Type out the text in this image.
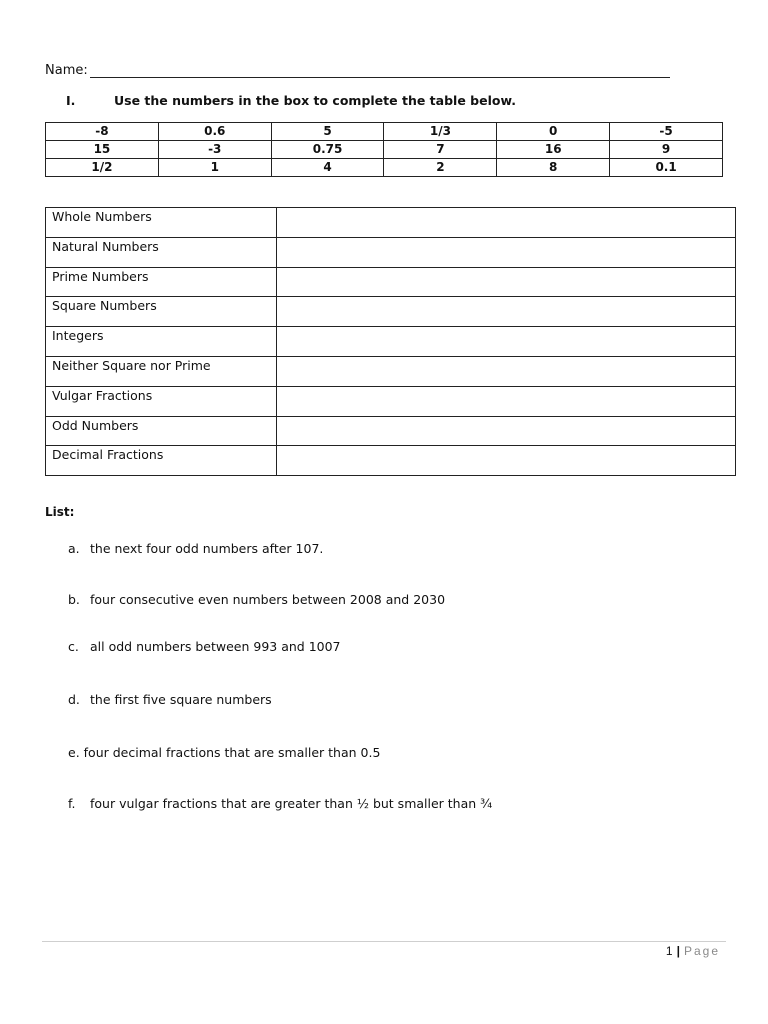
Name:
I.	Use the numbers in the box to complete the table below.
-8	0.6	5	1/3	0	-5
15	-3	0.75	7	16	9
1/2	1	4	2	8	0.1
Whole Numbers	
Natural Numbers	
Prime Numbers	
Square Numbers	
Integers	
Neither Square nor Prime	
Vulgar Fractions	
Odd Numbers	
Decimal Fractions	
List:
a. the next four odd numbers after 107.
b. four consecutive even numbers between 2008 and 2030
c. all odd numbers between 993 and 1007
d. the first five square numbers
e. four decimal fractions that are smaller than 0.5
f. four vulgar fractions that are greater than ½ but smaller than ¾
1 | Page
